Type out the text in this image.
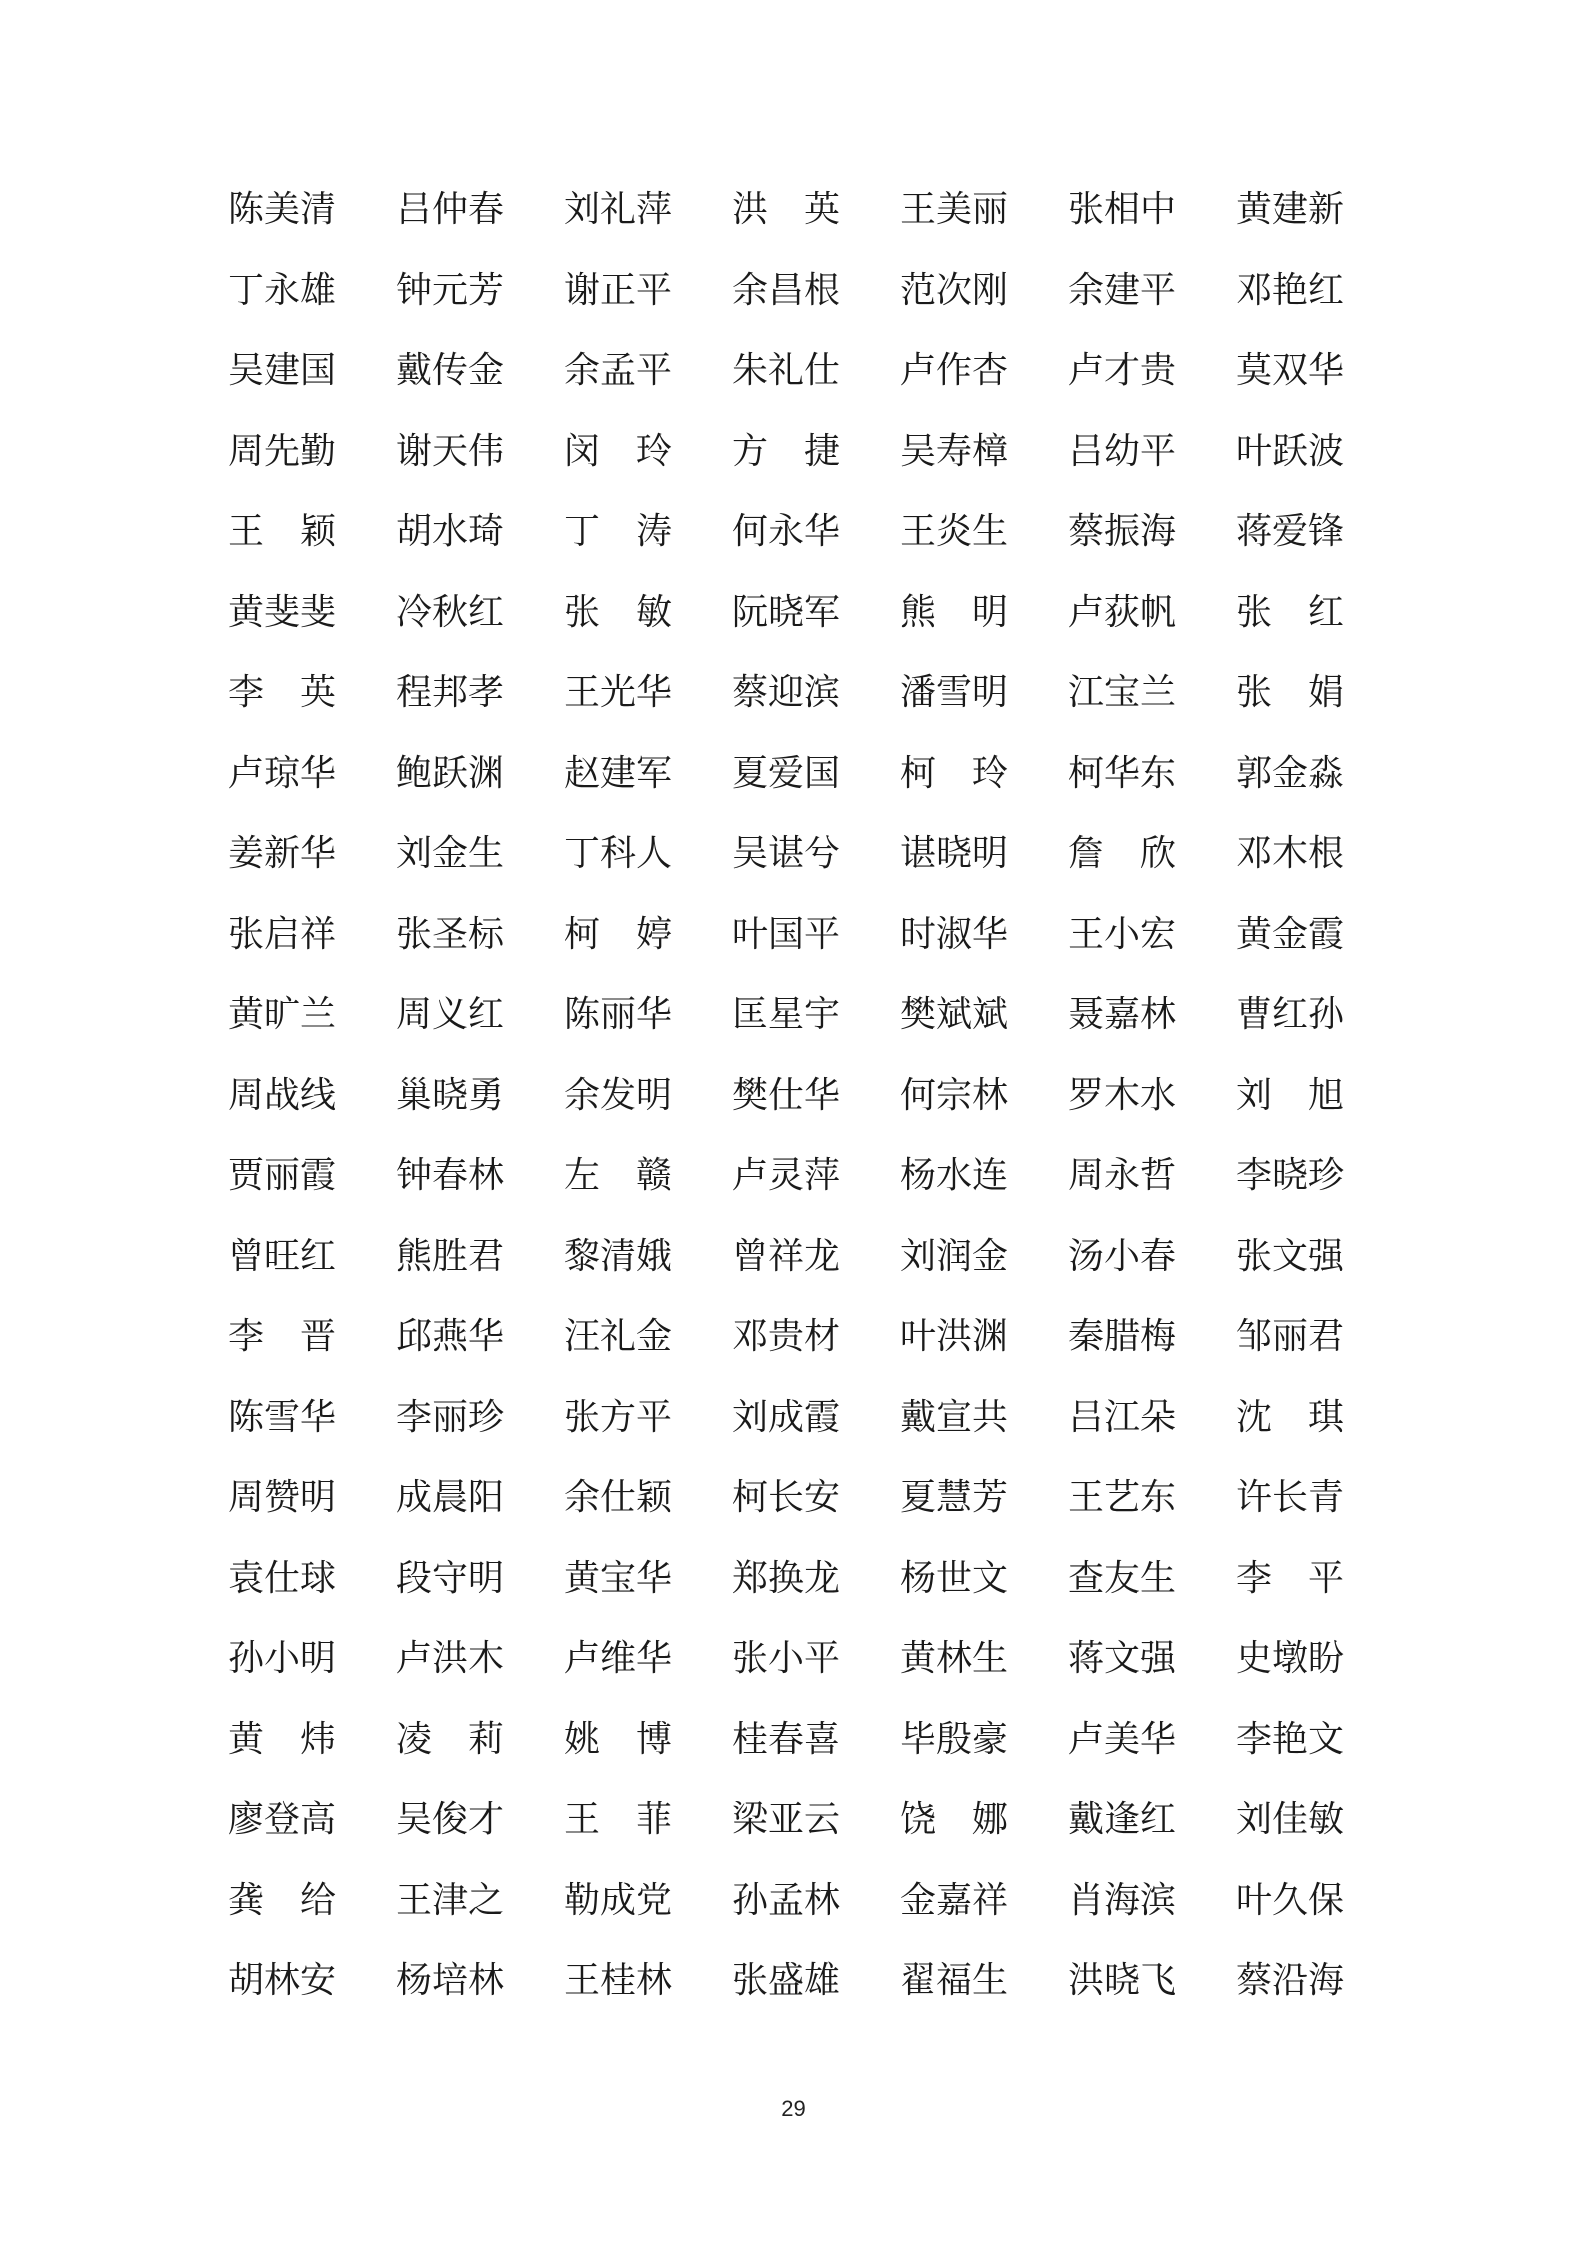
陈美清	吕仲春	刘礼萍	洪　英	王美丽	张相中	黄建新
丁永雄	钟元芳	谢正平	余昌根	范次刚	余建平	邓艳红
吴建国	戴传金	余孟平	朱礼仕	卢作杏	卢才贵	莫双华
周先勤	谢天伟	闵　玲	方　捷	吴寿樟	吕幼平	叶跃波
王　颖	胡水琦	丁　涛	何永华	王炎生	蔡振海	蒋爱锋
黄斐斐	冷秋红	张　敏	阮晓军	熊　明	卢荻帆	张　红
李　英	程邦孝	王光华	蔡迎滨	潘雪明	江宝兰	张　娟
卢琼华	鲍跃渊	赵建军	夏爱国	柯　玲	柯华东	郭金淼
姜新华	刘金生	丁科人	吴谌兮	谌晓明	詹　欣	邓木根
张启祥	张圣标	柯　婷	叶国平	时淑华	王小宏	黄金霞
黄旷兰	周义红	陈丽华	匡星宇	樊斌斌	聂嘉林	曹红孙
周战线	巢晓勇	余发明	樊仕华	何宗林	罗木水	刘　旭
贾丽霞	钟春林	左　赣	卢灵萍	杨水连	周永哲	李晓珍
曾旺红	熊胜君	黎清娥	曾祥龙	刘润金	汤小春	张文强
李　晋	邱燕华	汪礼金	邓贵材	叶洪渊	秦腊梅	邹丽君
陈雪华	李丽珍	张方平	刘成霞	戴宣共	吕江朵	沈　琪
周赞明	成晨阳	余仕颖	柯长安	夏慧芳	王艺东	许长青
袁仕球	段守明	黄宝华	郑换龙	杨世文	查友生	李　平
孙小明	卢洪木	卢维华	张小平	黄林生	蒋文强	史墩盼
黄　炜	凌　莉	姚　博	桂春喜	毕殷豪	卢美华	李艳文
廖登高	吴俊才	王　菲	梁亚云	饶　娜	戴逢红	刘佳敏
龚　给	王津之	勒成党	孙孟林	金嘉祥	肖海滨	叶久保
胡林安	杨培林	王桂林	张盛雄	翟福生	洪晓飞	蔡沿海
29
